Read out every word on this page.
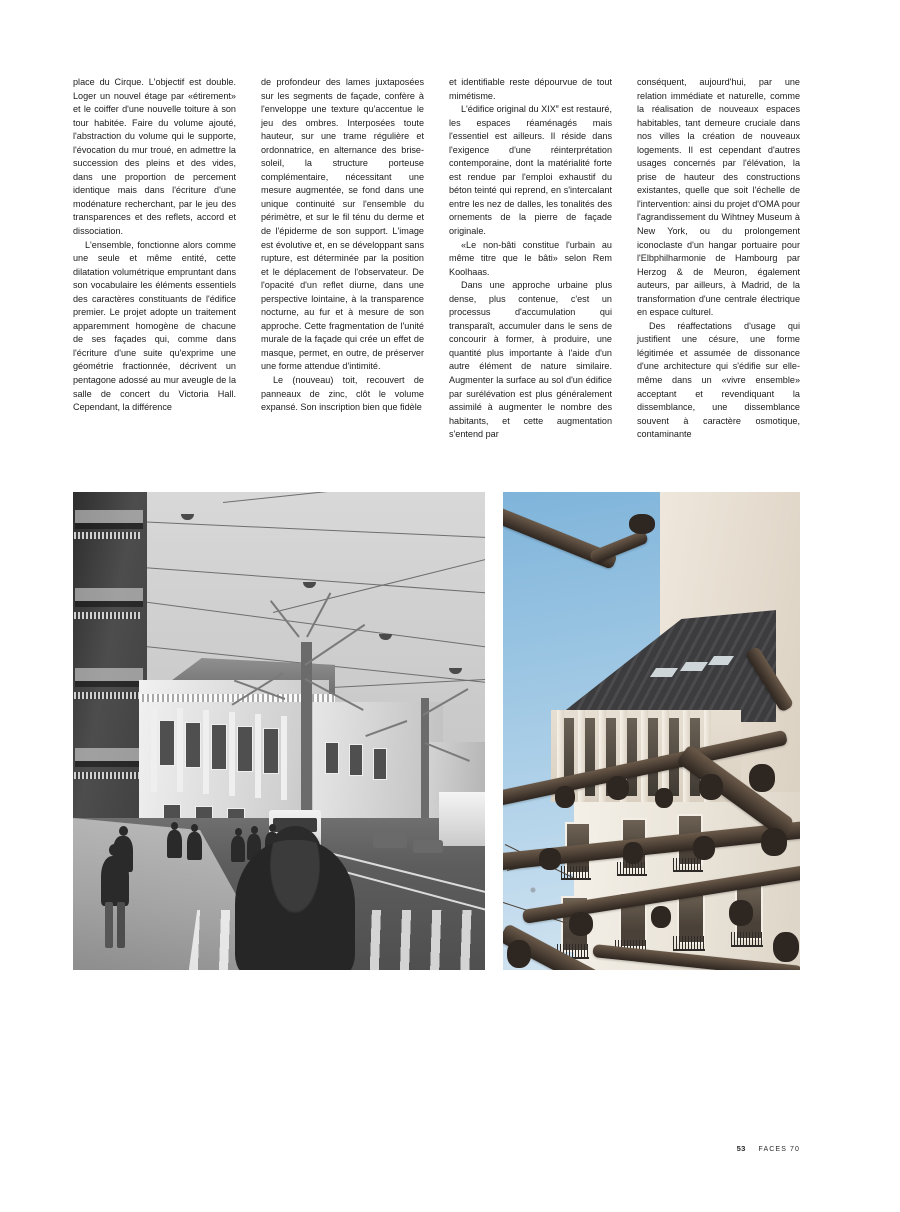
place du Cirque. L'objectif est double. Loger un nouvel étage par «étirement» et le coiffer d'une nouvelle toiture à son tour habitée. Faire du volume ajouté, l'abstraction du volume qui le supporte, l'évocation du mur troué, en admettre la succession des pleins et des vides, dans une proportion de percement identique mais dans l'écriture d'une modénature recherchant, par le jeu des transparences et des reflets, accord et dissociation.

L'ensemble, fonctionne alors comme une seule et même entité, cette dilatation volumétrique empruntant dans son vocabulaire les éléments essentiels des caractères constituants de l'édifice premier. Le projet adopte un traitement apparemment homogène de chacune de ses façades qui, comme dans l'écriture d'une suite qu'exprime une géométrie fractionnée, décrivent un pentagone adossé au mur aveugle de la salle de concert du Victoria Hall. Cependant, la différence

de profondeur des lames juxtaposées sur les segments de façade, confère à l'enveloppe une texture qu'accentue le jeu des ombres. Interposées toute hauteur, sur une trame régulière et ordonnatrice, en alternance des brise-soleil, la structure porteuse complémentaire, nécessitant une mesure augmentée, se fond dans une unique continuité sur l'ensemble du périmètre, et sur le fil ténu du derme et de l'épiderme de son support. L'image est évolutive et, en se développant sans rupture, est déterminée par la position et le déplacement de l'observateur. De l'opacité d'un reflet diurne, dans une perspective lointaine, à la transparence nocturne, au fur et à mesure de son approche. Cette fragmentation de l'unité murale de la façade qui crée un effet de masque, permet, en outre, de préserver une forme attendue d'intimité.

Le (nouveau) toit, recouvert de panneaux de zinc, clôt le volume expansé. Son inscription bien que fidèle

et identifiable reste dépourvue de tout mimétisme.

L'édifice original du XIXe est restauré, les espaces réaménagés mais l'essentiel est ailleurs. Il réside dans l'exigence d'une réinterprétation contemporaine, dont la matérialité forte est rendue par l'emploi exhaustif du béton teinté qui reprend, en s'intercalant entre les nez de dalles, les tonalités des ornements de la pierre de façade originale.

«Le non-bâti constitue l'urbain au même titre que le bâti» selon Rem Koolhaas.

Dans une approche urbaine plus dense, plus contenue, c'est un processus d'accumulation qui transparaît, accumuler dans le sens de concourir à former, à produire, une quantité plus importante à l'aide d'un autre élément de nature similaire. Augmenter la surface au sol d'un édifice par surélévation est plus généralement assimilé à augmenter le nombre des habitants, et cette augmentation s'entend par

conséquent, aujourd'hui, par une relation immédiate et naturelle, comme la réalisation de nouveaux espaces habitables, tant demeure cruciale dans nos villes la création de nouveaux logements. Il est cependant d'autres usages concernés par l'élévation, la prise de hauteur des constructions existantes, quelle que soit l'échelle de l'intervention: ainsi du projet d'OMA pour l'agrandissement du Wihtney Museum à New York, ou du prolongement iconoclaste d'un hangar portuaire pour l'Elbphilharmonie de Hambourg par Herzog & de Meuron, également auteurs, par ailleurs, à Madrid, de la transformation d'une centrale électrique en espace culturel.

Des réaffectations d'usage qui justifient une césure, une forme légitimée et assumée de dissonance d'une architecture qui s'édifie sur elle-même dans un «vivre ensemble» acceptant et revendiquant la dissemblance, une dissemblance souvent à caractère osmotique, contaminante

53 FACES 70
